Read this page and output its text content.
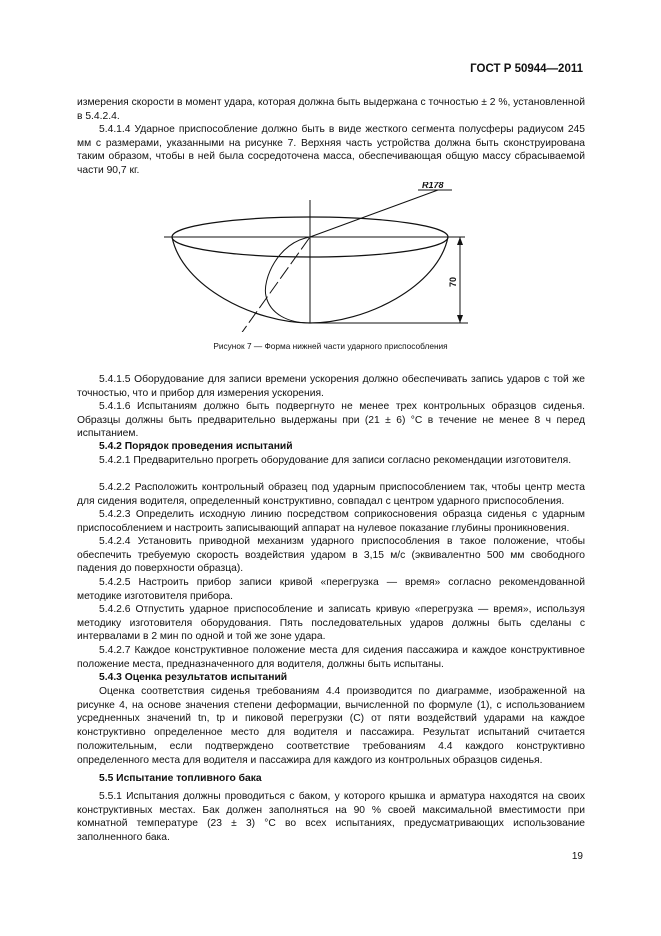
ГОСТ Р 50944—2011

измерения скорости в момент удара, которая должна быть выдержана с точностью ± 2 %, установленной в 5.4.2.4.

5.4.1.4 Ударное приспособление должно быть в виде жесткого сегмента полусферы радиусом 245 мм с размерами, указанными на рисунке 7. Верхняя часть устройства должна быть сконструирована таким образом, чтобы в ней была сосредоточена масса, обеспечивающая общую массу сбрасываемой части 90,7 кг.

R178
70
Рисунок 7 — Форма нижней части ударного приспособления

5.4.1.5 Оборудование для записи времени ускорения должно обеспечивать запись ударов с той же точностью, что и прибор для измерения ускорения.

5.4.1.6 Испытаниям должно быть подвергнуто не менее трех контрольных образцов сиденья. Образцы должны быть предварительно выдержаны при (21 ± 6) °С в течение не менее 8 ч перед испытанием.

5.4.2 Порядок проведения испытаний

5.4.2.1 Предварительно прогреть оборудование для записи согласно рекомендации изготовителя.

5.4.2.2 Расположить контрольный образец под ударным приспособлением так, чтобы центр места для сидения водителя, определенный конструктивно, совпадал с центром ударного приспособления.

5.4.2.3 Определить исходную линию посредством соприкосновения образца сиденья с ударным приспособлением и настроить записывающий аппарат на нулевое показание глубины проникновения.

5.4.2.4 Установить приводной механизм ударного приспособления в такое положение, чтобы обеспечить требуемую скорость воздействия ударом в 3,15 м/с (эквивалентно 500 мм свободного падения до поверхности образца).

5.4.2.5 Настроить прибор записи кривой «перегрузка — время» согласно рекомендованной методике изготовителя прибора.

5.4.2.6 Отпустить ударное приспособление и записать кривую «перегрузка — время», используя методику изготовителя оборудования. Пять последовательных ударов должны быть сделаны с интервалами в 2 мин по одной и той же зоне удара.

5.4.2.7 Каждое конструктивное положение места для сидения пассажира и каждое конструктивное положение места, предназначенного для водителя, должны быть испытаны.

5.4.3 Оценка результатов испытаний

Оценка соответствия сиденья требованиям 4.4 производится по диаграмме, изображенной на рисунке 4, на основе значения степени деформации, вычисленной по формуле (1), с использованием усредненных значений tn, tp и пиковой перегрузки (С) от пяти воздействий ударами на каждое конструктивно определенное место для водителя и пассажира. Результат испытаний считается положительным, если подтверждено соответствие требованиям 4.4 каждого конструктивно определенного места для водителя и пассажира для каждого из контрольных образцов сиденья.

5.5 Испытание топливного бака

5.5.1 Испытания должны проводиться с баком, у которого крышка и арматура находятся на своих конструктивных местах. Бак должен заполняться на 90 % своей максимальной вместимости при комнатной температуре (23 ± 3) °С во всех испытаниях, предусматривающих использование заполненного бака.

19
